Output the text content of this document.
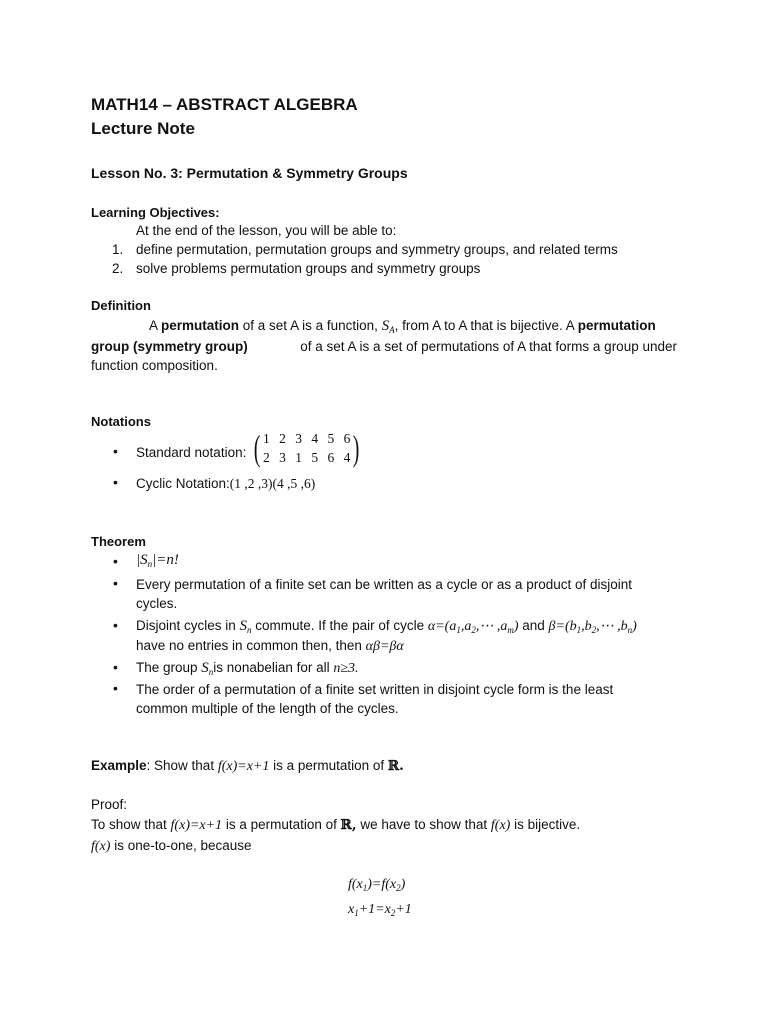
MATH14 – ABSTRACT ALGEBRA
Lecture Note
Lesson No. 3: Permutation & Symmetry Groups
Learning Objectives:
At the end of the lesson, you will be able to:
1. define permutation, permutation groups and symmetry groups, and related terms
2. solve problems permutation groups and symmetry groups
Definition
A permutation of a set A is a function, $S_A$, from A to A that is bijective. A permutation
group (symmetry group)	of a set A is a set of permutations of A that forms a group under
function composition.
Notations
• Standard notation: ( 1 2 3 4 5 6
2 3 1 5 6 4 )
• Cyclic Notation:(1 ,2 ,3)(4 ,5 ,6)
Theorem
• $|S_n|=n$!
• Every permutation of a finite set can be written as a cycle or as a product of disjoint
cycles.
• Disjoint cycles in $S_n$ commute. If the pair of cycle $\alpha=(a_1,a_2,\cdots$ $,a_m$) and $\beta=(b_1,b_2,\cdots$ $,b_n$)
have no entries in common then, then αβ=βα
• The group $S_nis$ nonabelian for all n≥3.
• The order of a permutation of a finite set written in disjoint cycle form is the least
common multiple of the length of the cycles.
Example: Show that f(x)=x+1 is a permutation of ℝ.
Proof:
To show that f(x)=x+1 is a permutation of ℝ, we have to show that f(x) is bijective.
f(x) is one-to-one, because
$f(x_1)=f(x_2)$
$x_1+1=x_2+1$
